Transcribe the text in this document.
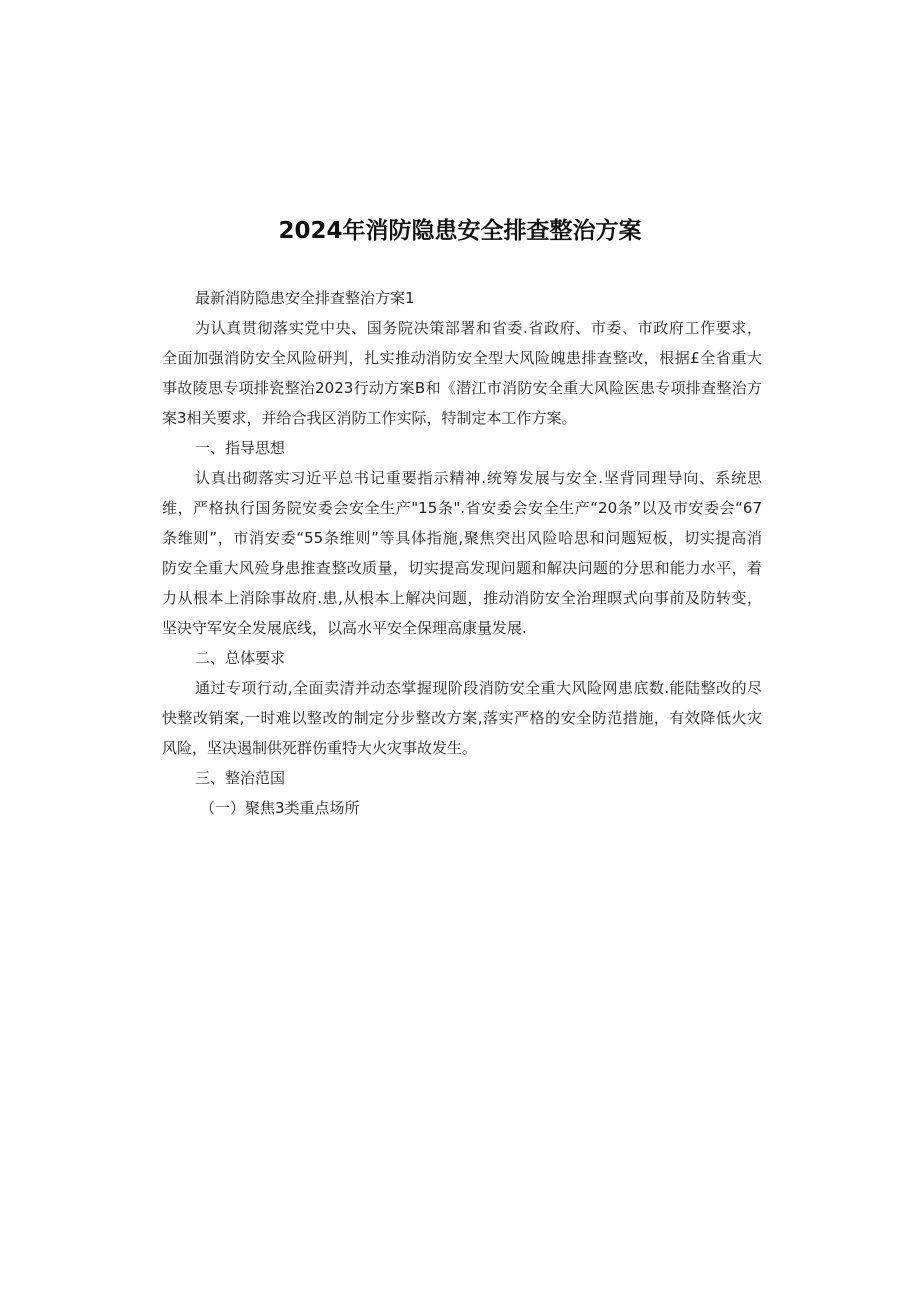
2024年消防隐患安全排查整治方案

最新消防隐患安全排查整治方案1

为认真贯彻落实党中央、国务院决策部署和省委.省政府、市委、市政府工作要求，
全面加强消防安全风险研判，扎实推动消防安全型大风险魄患排查整改，根据£全省重大
事故陵思专项排瓷整治2023行动方案B和《潜江市消防安全重大风险医患专项排查整治方
案3相关要求，并给合我区消防工作实际，特制定本工作方案。

一、指导思想

认真出砌落实习近平总书记重要指示精神.统筹发展与安全.坚背同理导向、系统思
维，严格执行国务院安委会安全生产"15条".省安委会安全生产“20条”以及市安委会“67
条维则”，市消安委“55条维则”等具体指施,聚焦突出风险哈思和问题短板，切实提高消
防安全重大风殓身患推查整改质量，切实提高发现问题和解决问题的分思和能力水平，着
力从根本上消除事故府.患,从根本上解决问题，推动消防安全治理暝式向事前及防转变，
坚决守军安全发展底线，以高水平安全保理高康量发展.

二、总体要求

通过专项行动,全面卖清并动态掌握现阶段消防安全重大风险网患底数.能陆整改的尽
快整改销案,一时难以整改的制定分步整改方案,落实严格的安全防范措施，有效降低火灾
风险，坚决遏制供死群伤重特大火灾事故发生。

三、整治范国

（一）聚焦3类重点场所
